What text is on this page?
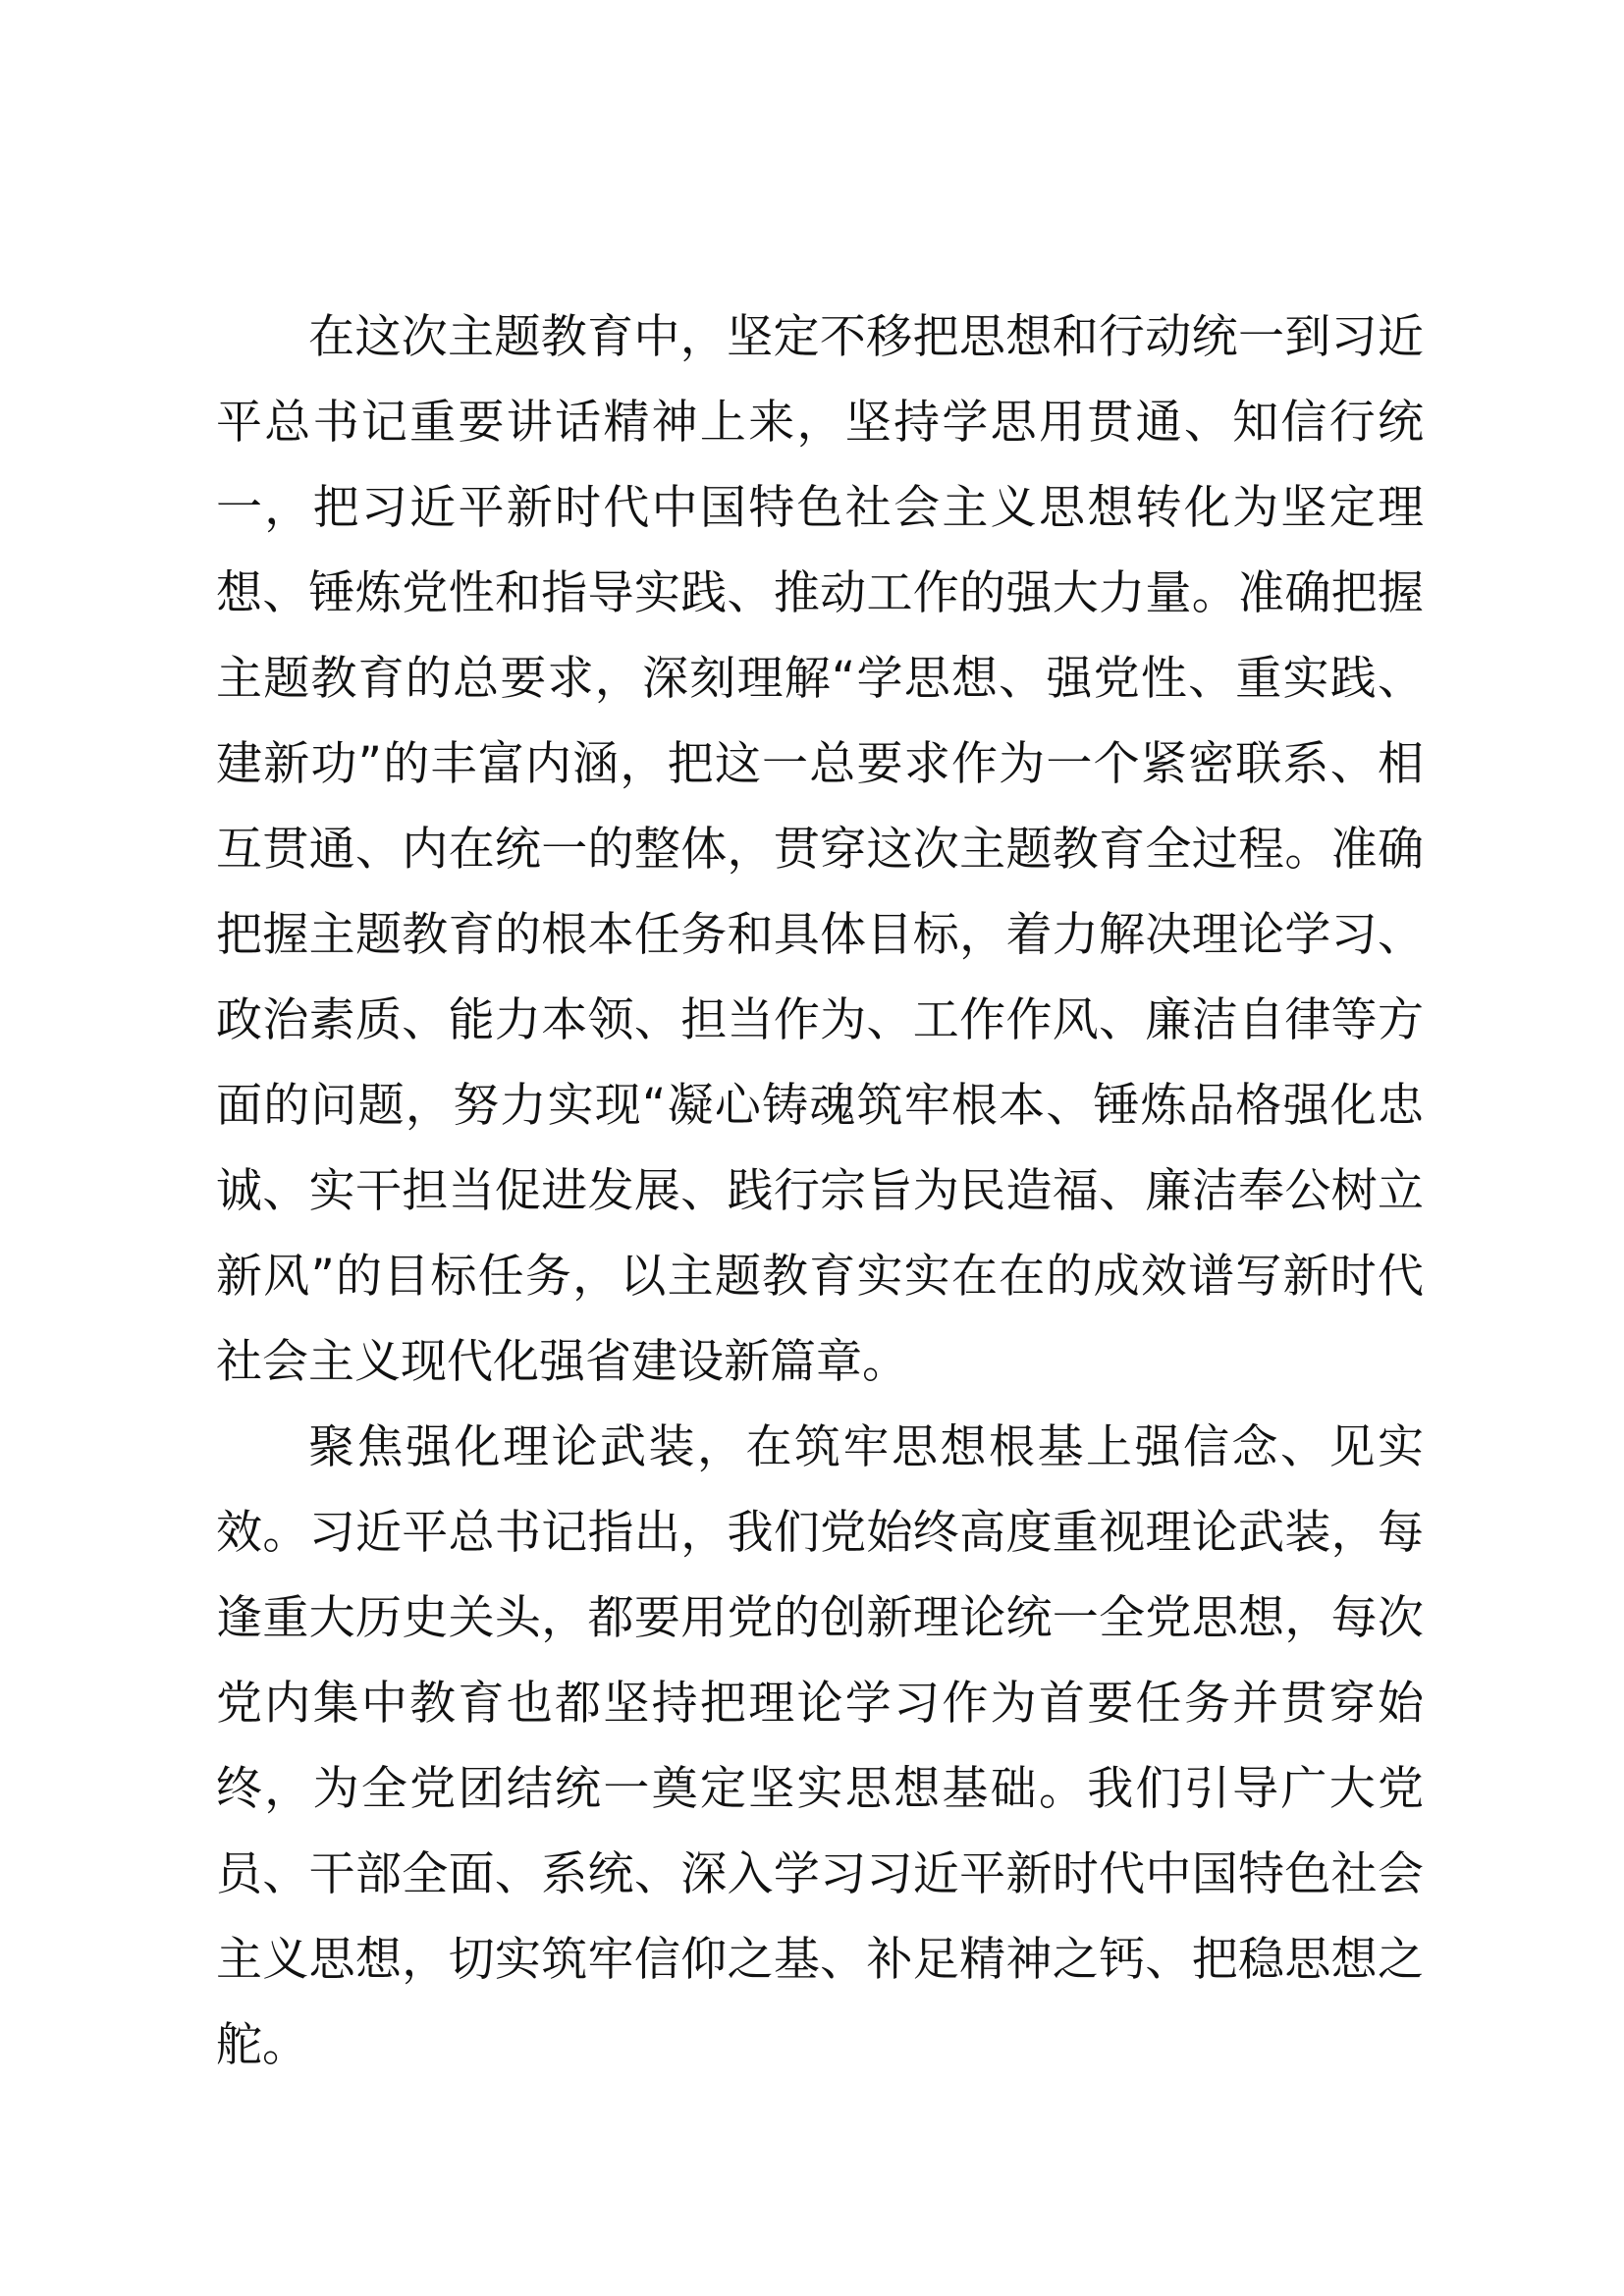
在这次主题教育中，坚定不移把思想和行动统一到习近平总书记重要讲话精神上来，坚持学思用贯通、知信行统一，把习近平新时代中国特色社会主义思想转化为坚定理想、锤炼党性和指导实践、推动工作的强大力量。准确把握主题教育的总要求，深刻理解“学思想、强党性、重实践、建新功”的丰富内涵，把这一总要求作为一个紧密联系、相互贯通、内在统一的整体，贯穿这次主题教育全过程。准确把握主题教育的根本任务和具体目标，着力解决理论学习、政治素质、能力本领、担当作为、工作作风、廉洁自律等方面的问题，努力实现“凝心铸魂筑牢根本、锤炼品格强化忠诚、实干担当促进发展、践行宗旨为民造福、廉洁奉公树立新风”的目标任务，以主题教育实实在在的成效谱写新时代社会主义现代化强省建设新篇章。

聚焦强化理论武装，在筑牢思想根基上强信念、见实效。习近平总书记指出，我们党始终高度重视理论武装，每逢重大历史关头，都要用党的创新理论统一全党思想，每次党内集中教育也都坚持把理论学习作为首要任务并贯穿始终，为全党团结统一奠定坚实思想基础。我们引导广大党员、干部全面、系统、深入学习习近平新时代中国特色社会主义思想，切实筑牢信仰之基、补足精神之钙、把稳思想之舵。
